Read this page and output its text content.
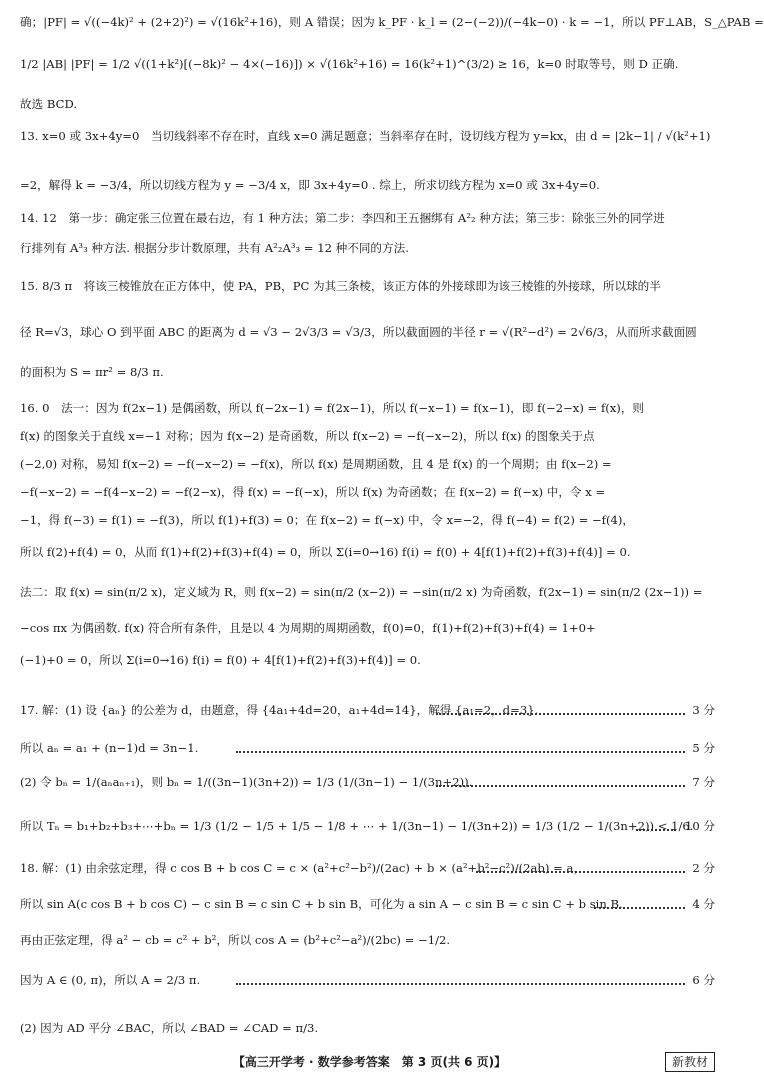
确；|PF| = √((−4k)² + (2+2)²) = √(16k²+16)，则 A 错误；因为 k_PF · k_l = (2−(−2))/(−4k−0) · k = −1，所以 PF⊥AB，S_△PAB =
1/2 |AB| |PF| = 1/2 √((1+k²)[(−8k)² − 4×(−16)]) × √(16k²+16) = 16(k²+1)^(3/2) ≥ 16，k=0 时取等号，则 D 正确.
故选 BCD.
13. x=0 或 3x+4y=0　当切线斜率不存在时，直线 x=0 满足题意；当斜率存在时，设切线方程为 y=kx，由 d = |2k−1| / √(k²+1)
=2，解得 k = −3/4，所以切线方程为 y = −3/4 x，即 3x+4y=0 . 综上，所求切线方程为 x=0 或 3x+4y=0.
14. 12　第一步：确定张三位置在最右边，有 1 种方法；第二步：李四和王五捆绑有 A²₂ 种方法；第三步：除张三外的同学进
行排列有 A³₃ 种方法. 根据分步计数原理，共有 A²₂A³₃ = 12 种不同的方法.
15. 8/3 π　将该三棱锥放在正方体中，使 PA，PB，PC 为其三条棱，该正方体的外接球即为该三棱锥的外接球，所以球的半
径 R=√3，球心 O 到平面 ABC 的距离为 d = √3 − 2√3/3 = √3/3，所以截面圆的半径 r = √(R²−d²) = 2√6/3，从而所求截面圆
的面积为 S = πr² = 8/3 π.
16. 0　法一：因为 f(2x−1) 是偶函数，所以 f(−2x−1) = f(2x−1)，所以 f(−x−1) = f(x−1)，即 f(−2−x) = f(x)，则
f(x) 的图象关于直线 x=−1 对称；因为 f(x−2) 是奇函数，所以 f(x−2) = −f(−x−2)，所以 f(x) 的图象关于点
(−2,0) 对称，易知 f(x−2) = −f(−x−2) = −f(x)，所以 f(x) 是周期函数，且 4 是 f(x) 的一个周期；由 f(x−2) =
−f(−x−2) = −f(4−x−2) = −f(2−x)，得 f(x) = −f(−x)，所以 f(x) 为奇函数；在 f(x−2) = f(−x) 中，令 x =
−1，得 f(−3) = f(1) = −f(3)，所以 f(1)+f(3) = 0；在 f(x−2) = f(−x) 中，令 x=−2，得 f(−4) = f(2) = −f(4)，
所以 f(2)+f(4) = 0，从而 f(1)+f(2)+f(3)+f(4) = 0，所以 Σ(i=0→16) f(i) = f(0) + 4[f(1)+f(2)+f(3)+f(4)] = 0.
法二：取 f(x) = sin(π/2 x)，定义域为 R，则 f(x−2) = sin(π/2 (x−2)) = −sin(π/2 x) 为奇函数，f(2x−1) = sin(π/2 (2x−1)) =
−cos πx 为偶函数. f(x) 符合所有条件，且是以 4 为周期的周期函数，f(0)=0，f(1)+f(2)+f(3)+f(4) = 1+0+
(−1)+0 = 0，所以 Σ(i=0→16) f(i) = f(0) + 4[f(1)+f(2)+f(3)+f(4)] = 0.
17. 解：(1) 设 {aₙ} 的公差为 d，由题意，得 {4a₁+4d=20，a₁+4d=14}，解得 {a₁=2，d=3}.
所以 aₙ = a₁ + (n−1)d = 3n−1.
(2) 令 bₙ = 1/(aₙaₙ₊₁)，则 bₙ = 1/((3n−1)(3n+2)) = 1/3 (1/(3n−1) − 1/(3n+2)).
所以 Tₙ = b₁+b₂+b₃+⋯+bₙ = 1/3 (1/2 − 1/5 + 1/5 − 1/8 + ⋯ + 1/(3n−1) − 1/(3n+2)) = 1/3 (1/2 − 1/(3n+2)) < 1/6.
18. 解：(1) 由余弦定理，得 c cos B + b cos C = c × (a²+c²−b²)/(2ac) + b × (a²+b²−c²)/(2ab) = a，
所以 sin A(c cos B + b cos C) − c sin B = c sin C + b sin B，可化为 a sin A − c sin B = c sin C + b sin B.
再由正弦定理，得 a² − cb = c² + b²，所以 cos A = (b²+c²−a²)/(2bc) = −1/2.
因为 A ∈ (0, π)，所以 A = 2/3 π.
(2) 因为 AD 平分 ∠BAC，所以 ∠BAD = ∠CAD = π/3.
3 分
5 分
7 分
10 分
2 分
4 分
6 分
【高三开学考 · 数学参考答案　第 3 页(共 6 页)】	新教材
